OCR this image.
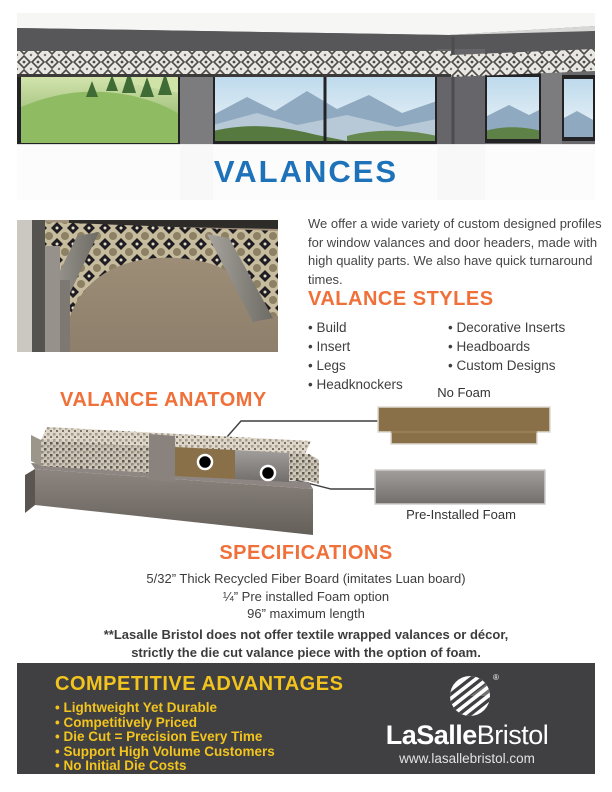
VALANCES
We offer a wide variety of custom designed profiles for window valances and door headers, made with high quality parts. We also have quick turnaround times.
VALANCE STYLES
• Build
• Insert
• Legs
• Headknockers
• Decorative Inserts
• Headboards
• Custom Designs
VALANCE ANATOMY	No Foam
Pre-Installed Foam
SPECIFICATIONS
5/32” Thick Recycled Fiber Board (imitates Luan board)
¼” Pre installed Foam option
96” maximum length
**Lasalle Bristol does not offer textile wrapped valances or décor,
strictly the die cut valance piece with the option of foam.
COMPETITIVE ADVANTAGES
• Lightweight Yet Durable
• Competitively Priced
• Die Cut = Precision Every Time
• Support High Volume Customers
• No Initial Die Costs
®
LaSalleBristol
www.lasallebristol.com
